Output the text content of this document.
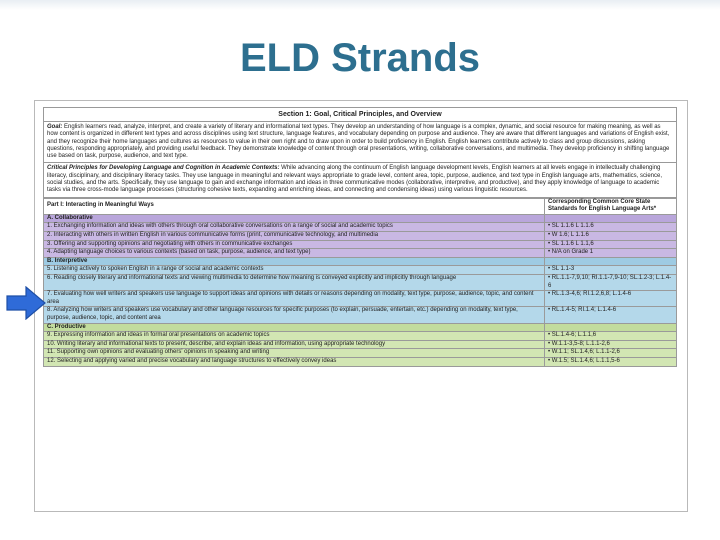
ELD Strands
Section 1: Goal, Critical Principles, and Overview
Goal: English learners read, analyze, interpret, and create a variety of literary and informational text types. They develop an understanding of how language is a complex, dynamic, and social resource for making meaning, as well as how content is organized in different text types and across disciplines using text structure, language features, and vocabulary depending on purpose and audience. They are aware that different languages and variations of English exist, and they recognize their home languages and cultures as resources to value in their own right and to draw upon in order to build proficiency in English. English learners contribute actively to class and group discussions, asking questions, responding appropriately, and providing useful feedback. They demonstrate knowledge of content through oral presentations, writing, collaborative conversations, and multimedia. They develop proficiency in shifting language use based on task, purpose, audience, and text type.
Critical Principles for Developing Language and Cognition in Academic Contexts: While advancing along the continuum of English language development levels, English learners at all levels engage in intellectually challenging literacy, disciplinary, and disciplinary literacy tasks. They use language in meaningful and relevant ways appropriate to grade level, content area, topic, purpose, audience, and text type in English language arts, mathematics, science, social studies, and the arts. Specifically, they use language to gain and exchange information and ideas in three communicative modes (collaborative, interpretive, and productive), and they apply knowledge of language to academic tasks via three cross-mode language processes (structuring cohesive texts, expanding and enriching ideas, and connecting and condensing ideas) using various linguistic resources.
Part I: Interacting in Meaningful Ways	Corresponding Common Core State Standards for English Language Arts*
A. Collaborative	
1. Exchanging information and ideas with others through oral collaborative conversations on a range of social and academic topics	• SL 1.1.6 L 1.1.6
2. Interacting with others in written English in various communicative forms (print, communicative technology, and multimedia	• W 1.6; L 1.1.6
3. Offering and supporting opinions and negotiating with others in communicative exchanges	• SL 1.1.6 L 1.1,6
4. Adapting language choices to various contexts (based on task, purpose, audience, and text type)	• N/A on Grade 1
B. Interpretive	
5. Listening actively to spoken English in a range of social and academic contexts	• SL 1.1-3
6. Reading closely literary and informational texts and viewing multimedia to determine how meaning is conveyed explicitly and implicitly through language	• RL.1.1-7,9,10; RI.1.1-7,9-10; SL.1.2-3; L.1.4-6
7. Evaluating how well writers and speakers use language to support ideas and opinions with details or reasons depending on modality, text type, purpose, audience, topic, and content area	• RL.1.3-4,6; RI.1.2,6,8; L.1.4-6
8. Analyzing how writers and speakers use vocabulary and other language resources for specific purposes (to explain, persuade, entertain, etc.) depending on modality, text type, purpose, audience, topic, and content area	• RL.1.4-5; RI.1.4; L.1.4-6
C. Productive	
9. Expressing information and ideas in formal oral presentations on academic topics	• SL.1.4-6; L.1.1,6
10. Writing literary and informational texts to present, describe, and explain ideas and information, using appropriate technology	• W.1.1-3,5-8; L.1.1-2,6
11. Supporting own opinions and evaluating others' opinions in speaking and writing	• W.1.1; SL.1.4,6; L.1.1-2,6
12. Selecting and applying varied and precise vocabulary and language structures to effectively convey ideas	• W.1.5; SL.1.4,6; L.1.1,5-6
